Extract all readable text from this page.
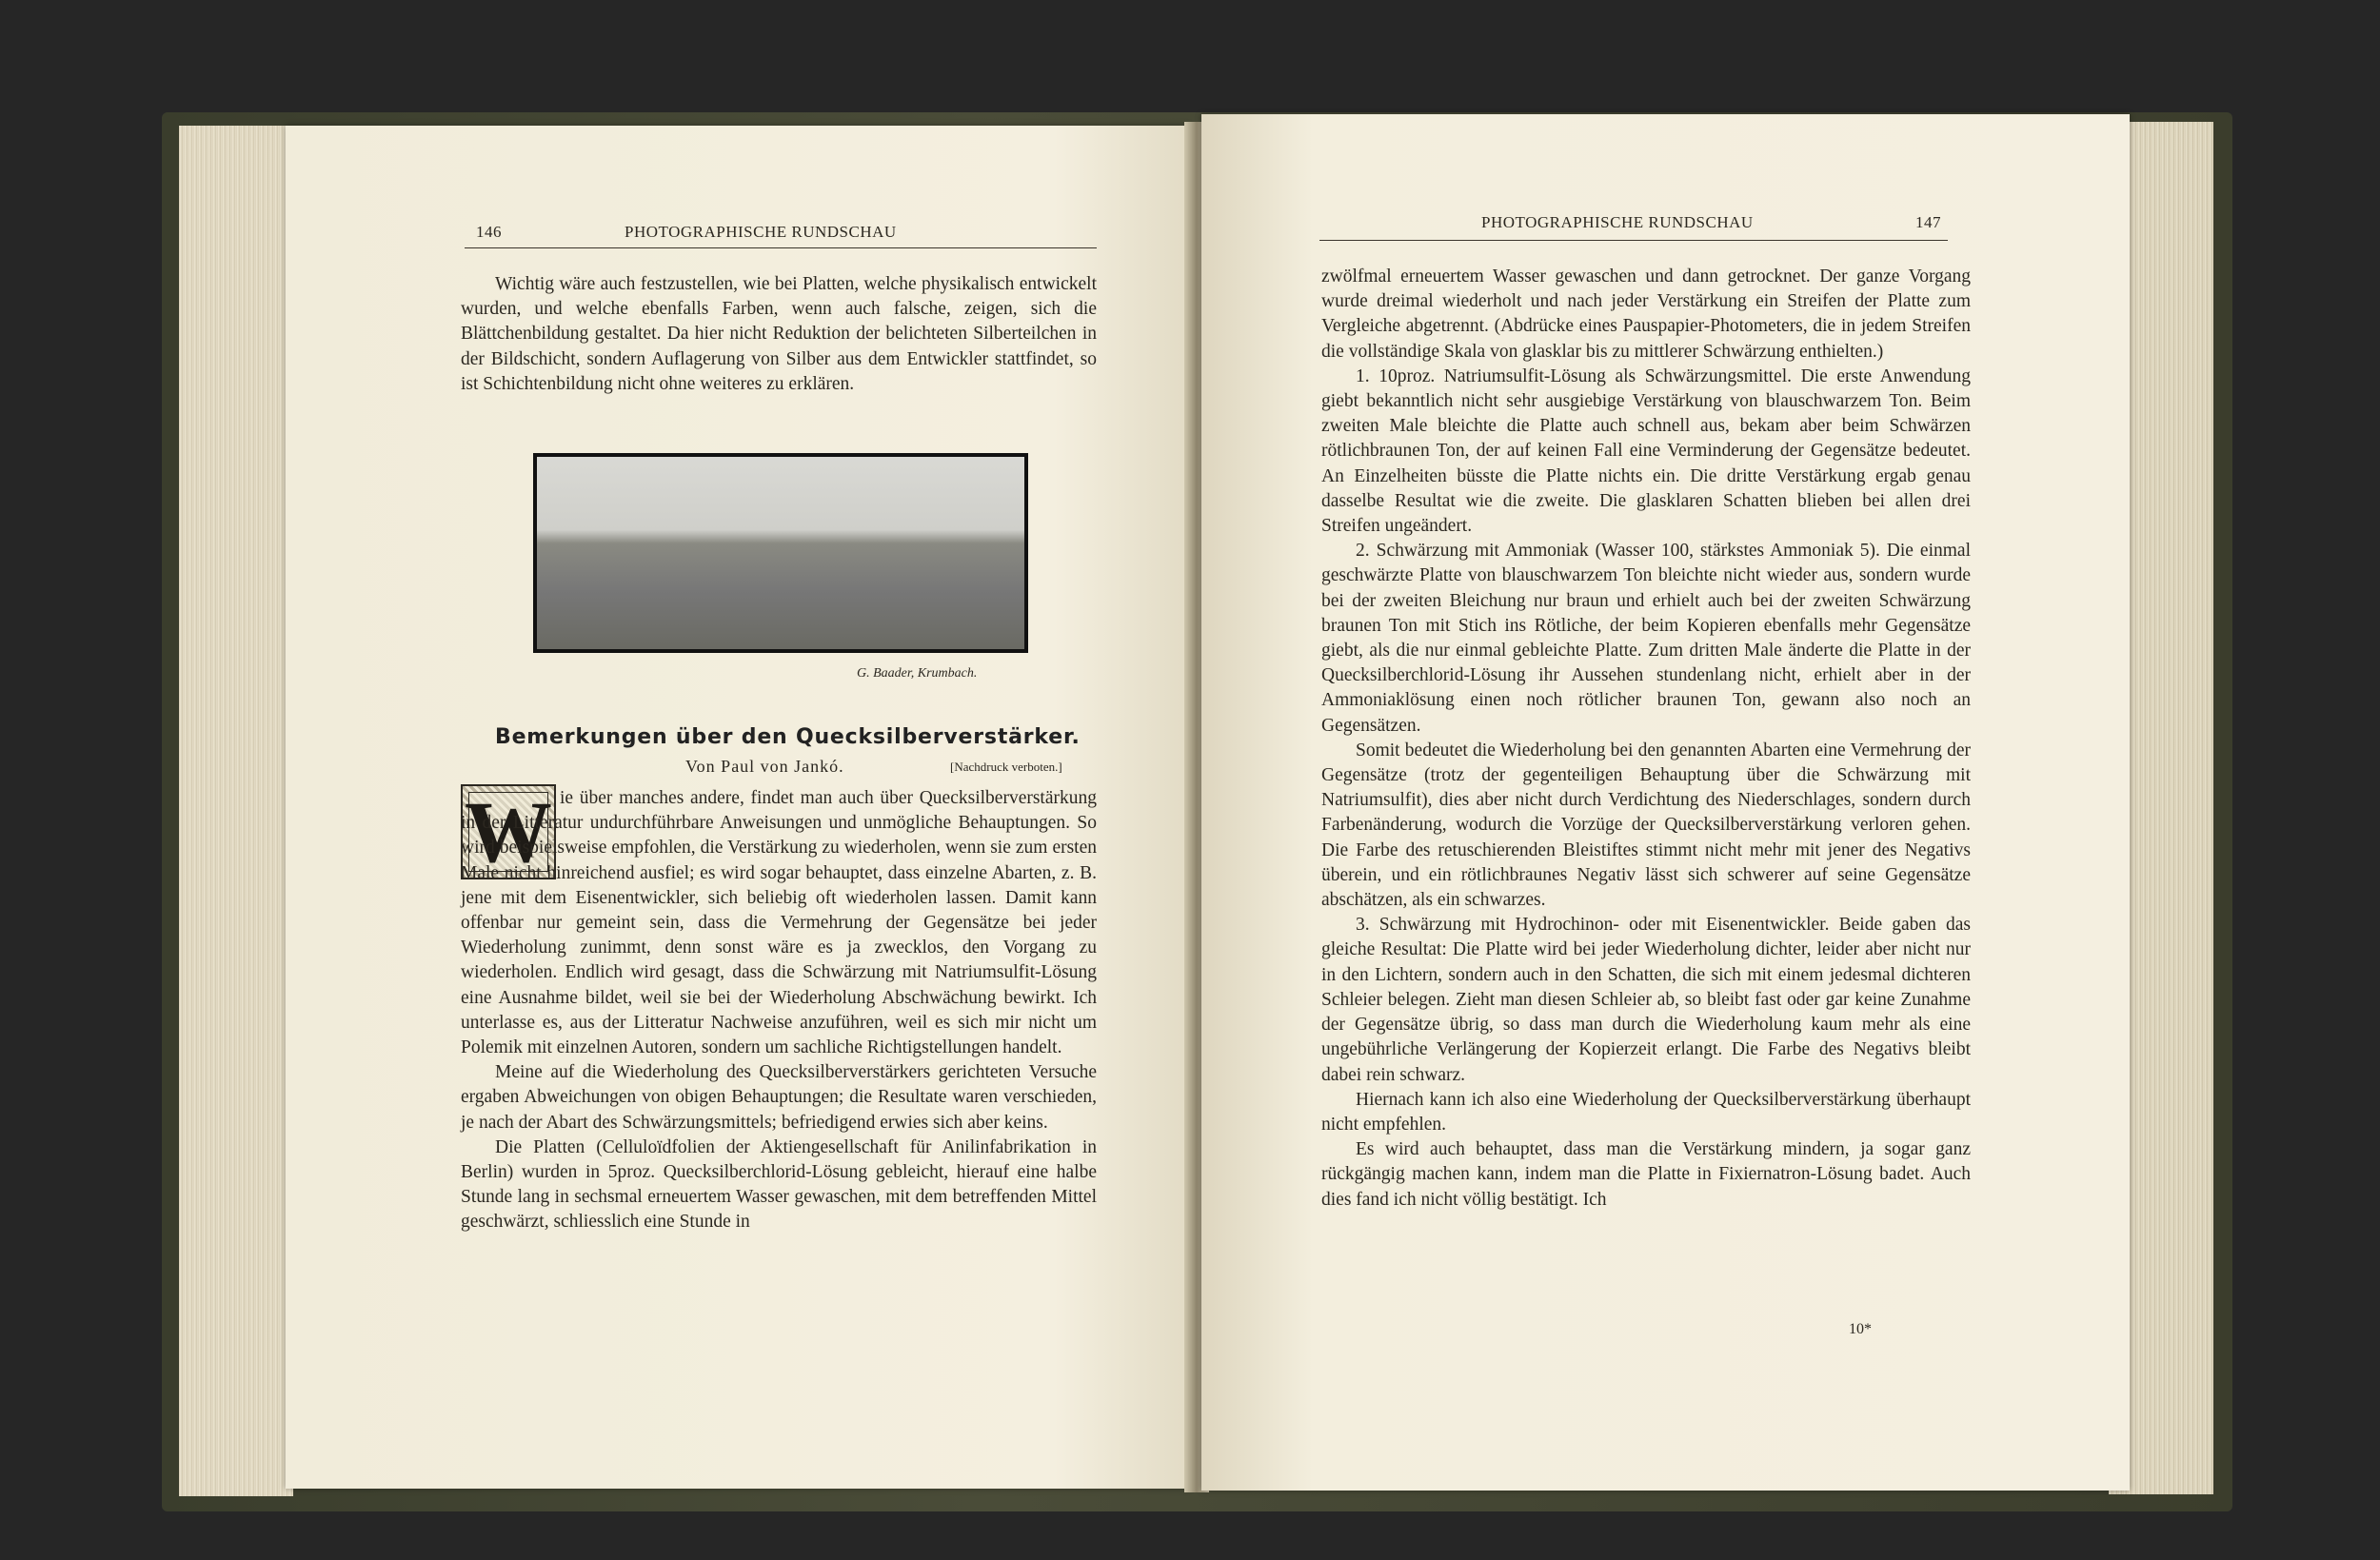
146	PHOTOGRAPHISCHE RUNDSCHAU

Wichtig wäre auch festzustellen, wie bei Platten, welche physikalisch entwickelt wurden, und welche ebenfalls Farben, wenn auch falsche, zeigen, sich die Blättchenbildung gestaltet. Da hier nicht Reduktion der belichteten Silberteilchen in der Bildschicht, sondern Auflagerung von Silber aus dem Entwickler stattfindet, so ist Schichtenbildung nicht ohne weiteres zu erklären.

G. Baader, Krumbach.
Bemerkungen über den Quecksilberverstärker.
Von Paul von Jankó.	[Nachdruck verboten.]
W ie über manches andere, findet man auch über Quecksilberverstärkung in der Litteratur undurchführbare Anweisungen und unmögliche Behauptungen. So wird beispielsweise empfohlen, die Verstärkung zu wiederholen, wenn sie zum ersten Male nicht hinreichend ausfiel; es wird sogar behauptet, dass einzelne Abarten, z. B. jene mit dem Eisenentwickler, sich beliebig oft wiederholen lassen. Damit kann offenbar nur gemeint sein, dass die Vermehrung der Gegensätze bei jeder Wiederholung zunimmt, denn sonst wäre es ja zwecklos, den Vorgang zu wiederholen. Endlich wird gesagt, dass die Schwärzung mit Natriumsulfit-Lösung eine Ausnahme bildet, weil sie bei der Wiederholung Abschwächung bewirkt. Ich unterlasse es, aus der Litteratur Nachweise anzuführen, weil es sich mir nicht um Polemik mit einzelnen Autoren, sondern um sachliche Richtigstellungen handelt.

Meine auf die Wiederholung des Quecksilberverstärkers gerichteten Versuche ergaben Abweichungen von obigen Behauptungen; die Resultate waren verschieden, je nach der Abart des Schwärzungsmittels; befriedigend erwies sich aber keins.

Die Platten (Celluloïdfolien der Aktiengesellschaft für Anilinfabrikation in Berlin) wurden in 5proz. Quecksilberchlorid-Lösung gebleicht, hierauf eine halbe Stunde lang in sechsmal erneuertem Wasser gewaschen, mit dem betreffenden Mittel geschwärzt, schliesslich eine Stunde in

PHOTOGRAPHISCHE RUNDSCHAU	147

zwölfmal erneuertem Wasser gewaschen und dann getrocknet. Der ganze Vorgang wurde dreimal wiederholt und nach jeder Verstärkung ein Streifen der Platte zum Vergleiche abgetrennt. (Abdrücke eines Pauspapier-Photometers, die in jedem Streifen die vollständige Skala von glasklar bis zu mittlerer Schwärzung enthielten.)

1. 10proz. Natriumsulfit-Lösung als Schwärzungsmittel. Die erste Anwendung giebt bekanntlich nicht sehr ausgiebige Verstärkung von blauschwarzem Ton. Beim zweiten Male bleichte die Platte auch schnell aus, bekam aber beim Schwärzen rötlichbraunen Ton, der auf keinen Fall eine Verminderung der Gegensätze bedeutet. An Einzelheiten büsste die Platte nichts ein. Die dritte Verstärkung ergab genau dasselbe Resultat wie die zweite. Die glasklaren Schatten blieben bei allen drei Streifen ungeändert.

2. Schwärzung mit Ammoniak (Wasser 100, stärkstes Ammoniak 5). Die einmal geschwärzte Platte von blauschwarzem Ton bleichte nicht wieder aus, sondern wurde bei der zweiten Bleichung nur braun und erhielt auch bei der zweiten Schwärzung braunen Ton mit Stich ins Rötliche, der beim Kopieren ebenfalls mehr Gegensätze giebt, als die nur einmal gebleichte Platte. Zum dritten Male änderte die Platte in der Quecksilberchlorid-Lösung ihr Aussehen stundenlang nicht, erhielt aber in der Ammoniaklösung einen noch rötlicher braunen Ton, gewann also noch an Gegensätzen.

Somit bedeutet die Wiederholung bei den genannten Abarten eine Vermehrung der Gegensätze (trotz der gegenteiligen Behauptung über die Schwärzung mit Natriumsulfit), dies aber nicht durch Verdichtung des Niederschlages, sondern durch Farbenänderung, wodurch die Vorzüge der Quecksilberverstärkung verloren gehen. Die Farbe des retuschierenden Bleistiftes stimmt nicht mehr mit jener des Negativs überein, und ein rötlichbraunes Negativ lässt sich schwerer auf seine Gegensätze abschätzen, als ein schwarzes.

3. Schwärzung mit Hydrochinon- oder mit Eisenentwickler. Beide gaben das gleiche Resultat: Die Platte wird bei jeder Wiederholung dichter, leider aber nicht nur in den Lichtern, sondern auch in den Schatten, die sich mit einem jedesmal dichteren Schleier belegen. Zieht man diesen Schleier ab, so bleibt fast oder gar keine Zunahme der Gegensätze übrig, so dass man durch die Wiederholung kaum mehr als eine ungebührliche Verlängerung der Kopierzeit erlangt. Die Farbe des Negativs bleibt dabei rein schwarz.

Hiernach kann ich also eine Wiederholung der Quecksilberverstärkung überhaupt nicht empfehlen.

Es wird auch behauptet, dass man die Verstärkung mindern, ja sogar ganz rückgängig machen kann, indem man die Platte in Fixiernatron-Lösung badet. Auch dies fand ich nicht völlig bestätigt. Ich

10*
